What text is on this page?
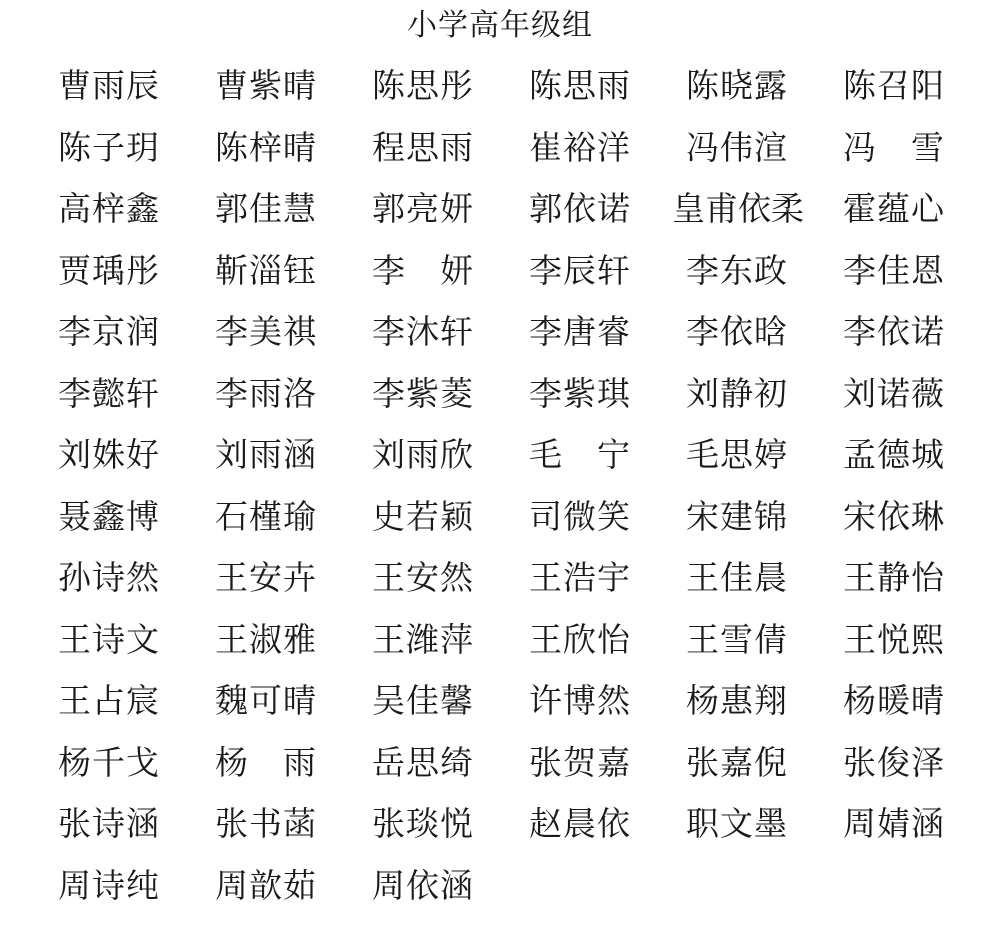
小学高年级组
曹雨辰	曹紫晴	陈思彤	陈思雨	陈晓露	陈召阳
陈子玥	陈梓晴	程思雨	崔裕洋	冯伟渲	冯　雪
高梓鑫	郭佳慧	郭亮妍	郭依诺	皇甫依柔	霍蕴心
贾瑀彤	靳淄钰	李　妍	李辰轩	李东政	李佳恩
李京润	李美祺	李沐轩	李唐睿	李依晗	李依诺
李懿轩	李雨洛	李紫菱	李紫琪	刘静初	刘诺薇
刘姝好	刘雨涵	刘雨欣	毛　宁	毛思婷	孟德城
聂鑫博	石槿瑜	史若颖	司微笑	宋建锦	宋依琳
孙诗然	王安卉	王安然	王浩宇	王佳晨	王静怡
王诗文	王淑雅	王潍萍	王欣怡	王雪倩	王悦熙
王占宸	魏可晴	吴佳馨	许博然	杨惠翔	杨暖晴
杨千戈	杨　雨	岳思绮	张贺嘉	张嘉倪	张俊泽
张诗涵	张书菡	张琰悦	赵晨依	职文墨	周婧涵
周诗纯	周歆茹	周依涵
